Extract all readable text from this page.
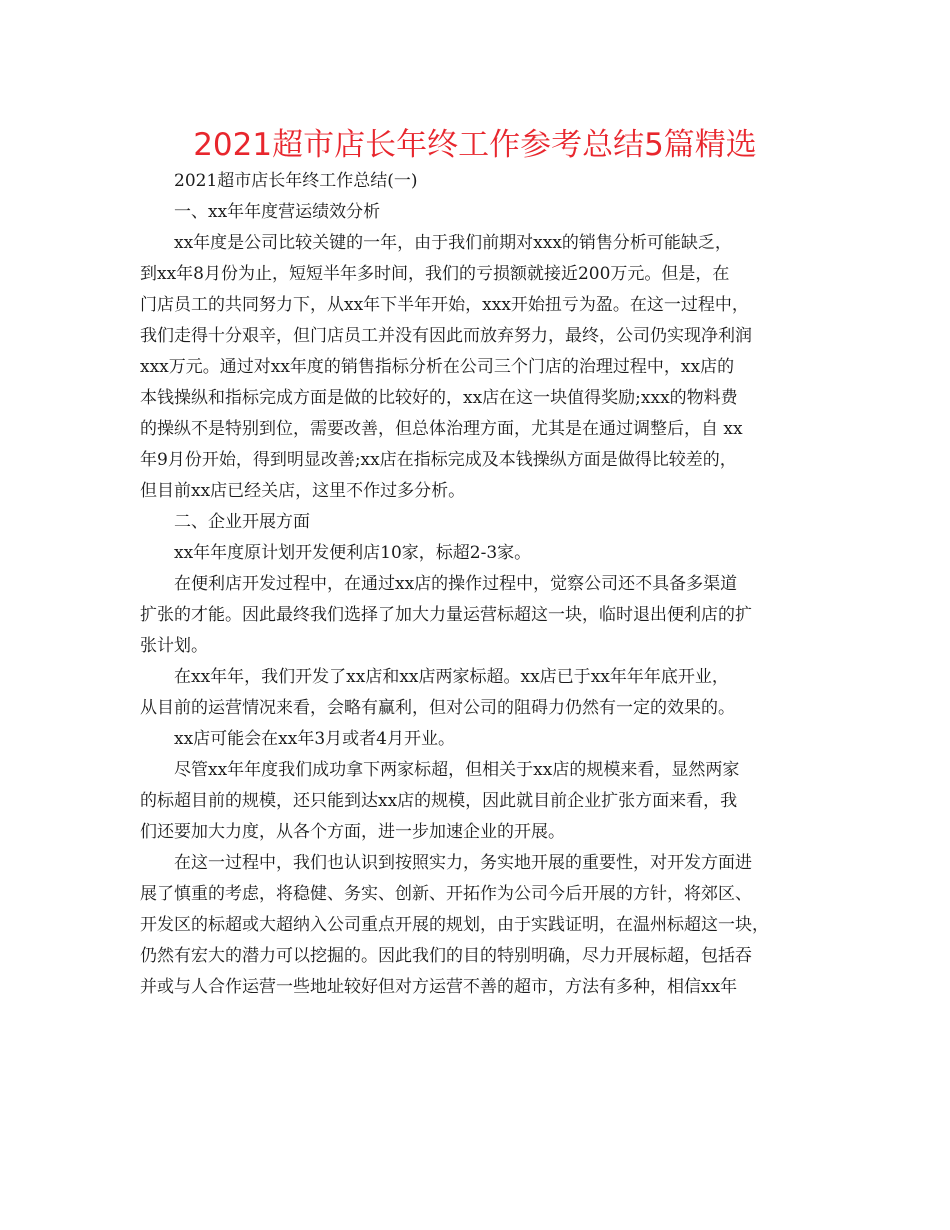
2021超市店长年终工作参考总结5篇精选
2021超市店长年终工作总结(一)
一、xx年年度营运绩效分析
xx年度是公司比较关键的一年，由于我们前期对xxx的销售分析可能缺乏，
到xx年8月份为止，短短半年多时间，我们的亏损额就接近200万元。但是，在
门店员工的共同努力下，从xx年下半年开始，xxx开始扭亏为盈。在这一过程中，
我们走得十分艰辛，但门店员工并没有因此而放弃努力，最终，公司仍实现净利润
xxx万元。通过对xx年度的销售指标分析在公司三个门店的治理过程中，xx店的
本钱操纵和指标完成方面是做的比较好的，xx店在这一块值得奖励;xxx的物料费
的操纵不是特别到位，需要改善，但总体治理方面，尤其是在通过调整后，自 xx
年9月份开始，得到明显改善;xx店在指标完成及本钱操纵方面是做得比较差的，
但目前xx店已经关店，这里不作过多分析。
二、企业开展方面
xx年年度原计划开发便利店10家，标超2-3家。
在便利店开发过程中，在通过xx店的操作过程中，觉察公司还不具备多渠道
扩张的才能。因此最终我们选择了加大力量运营标超这一块，临时退出便利店的扩
张计划。
在xx年年，我们开发了xx店和xx店两家标超。xx店已于xx年年年底开业，
从目前的运营情况来看，会略有赢利，但对公司的阻碍力仍然有一定的效果的。
xx店可能会在xx年3月或者4月开业。
尽管xx年年度我们成功拿下两家标超，但相关于xx店的规模来看，显然两家
的标超目前的规模，还只能到达xx店的规模，因此就目前企业扩张方面来看，我
们还要加大力度，从各个方面，进一步加速企业的开展。
在这一过程中，我们也认识到按照实力，务实地开展的重要性，对开发方面进
展了慎重的考虑，将稳健、务实、创新、开拓作为公司今后开展的方针，将郊区、
开发区的标超或大超纳入公司重点开展的规划，由于实践证明，在温州标超这一块，
仍然有宏大的潜力可以挖掘的。因此我们的目的特别明确，尽力开展标超，包括吞
并或与人合作运营一些地址较好但对方运营不善的超市，方法有多种，相信xx年
